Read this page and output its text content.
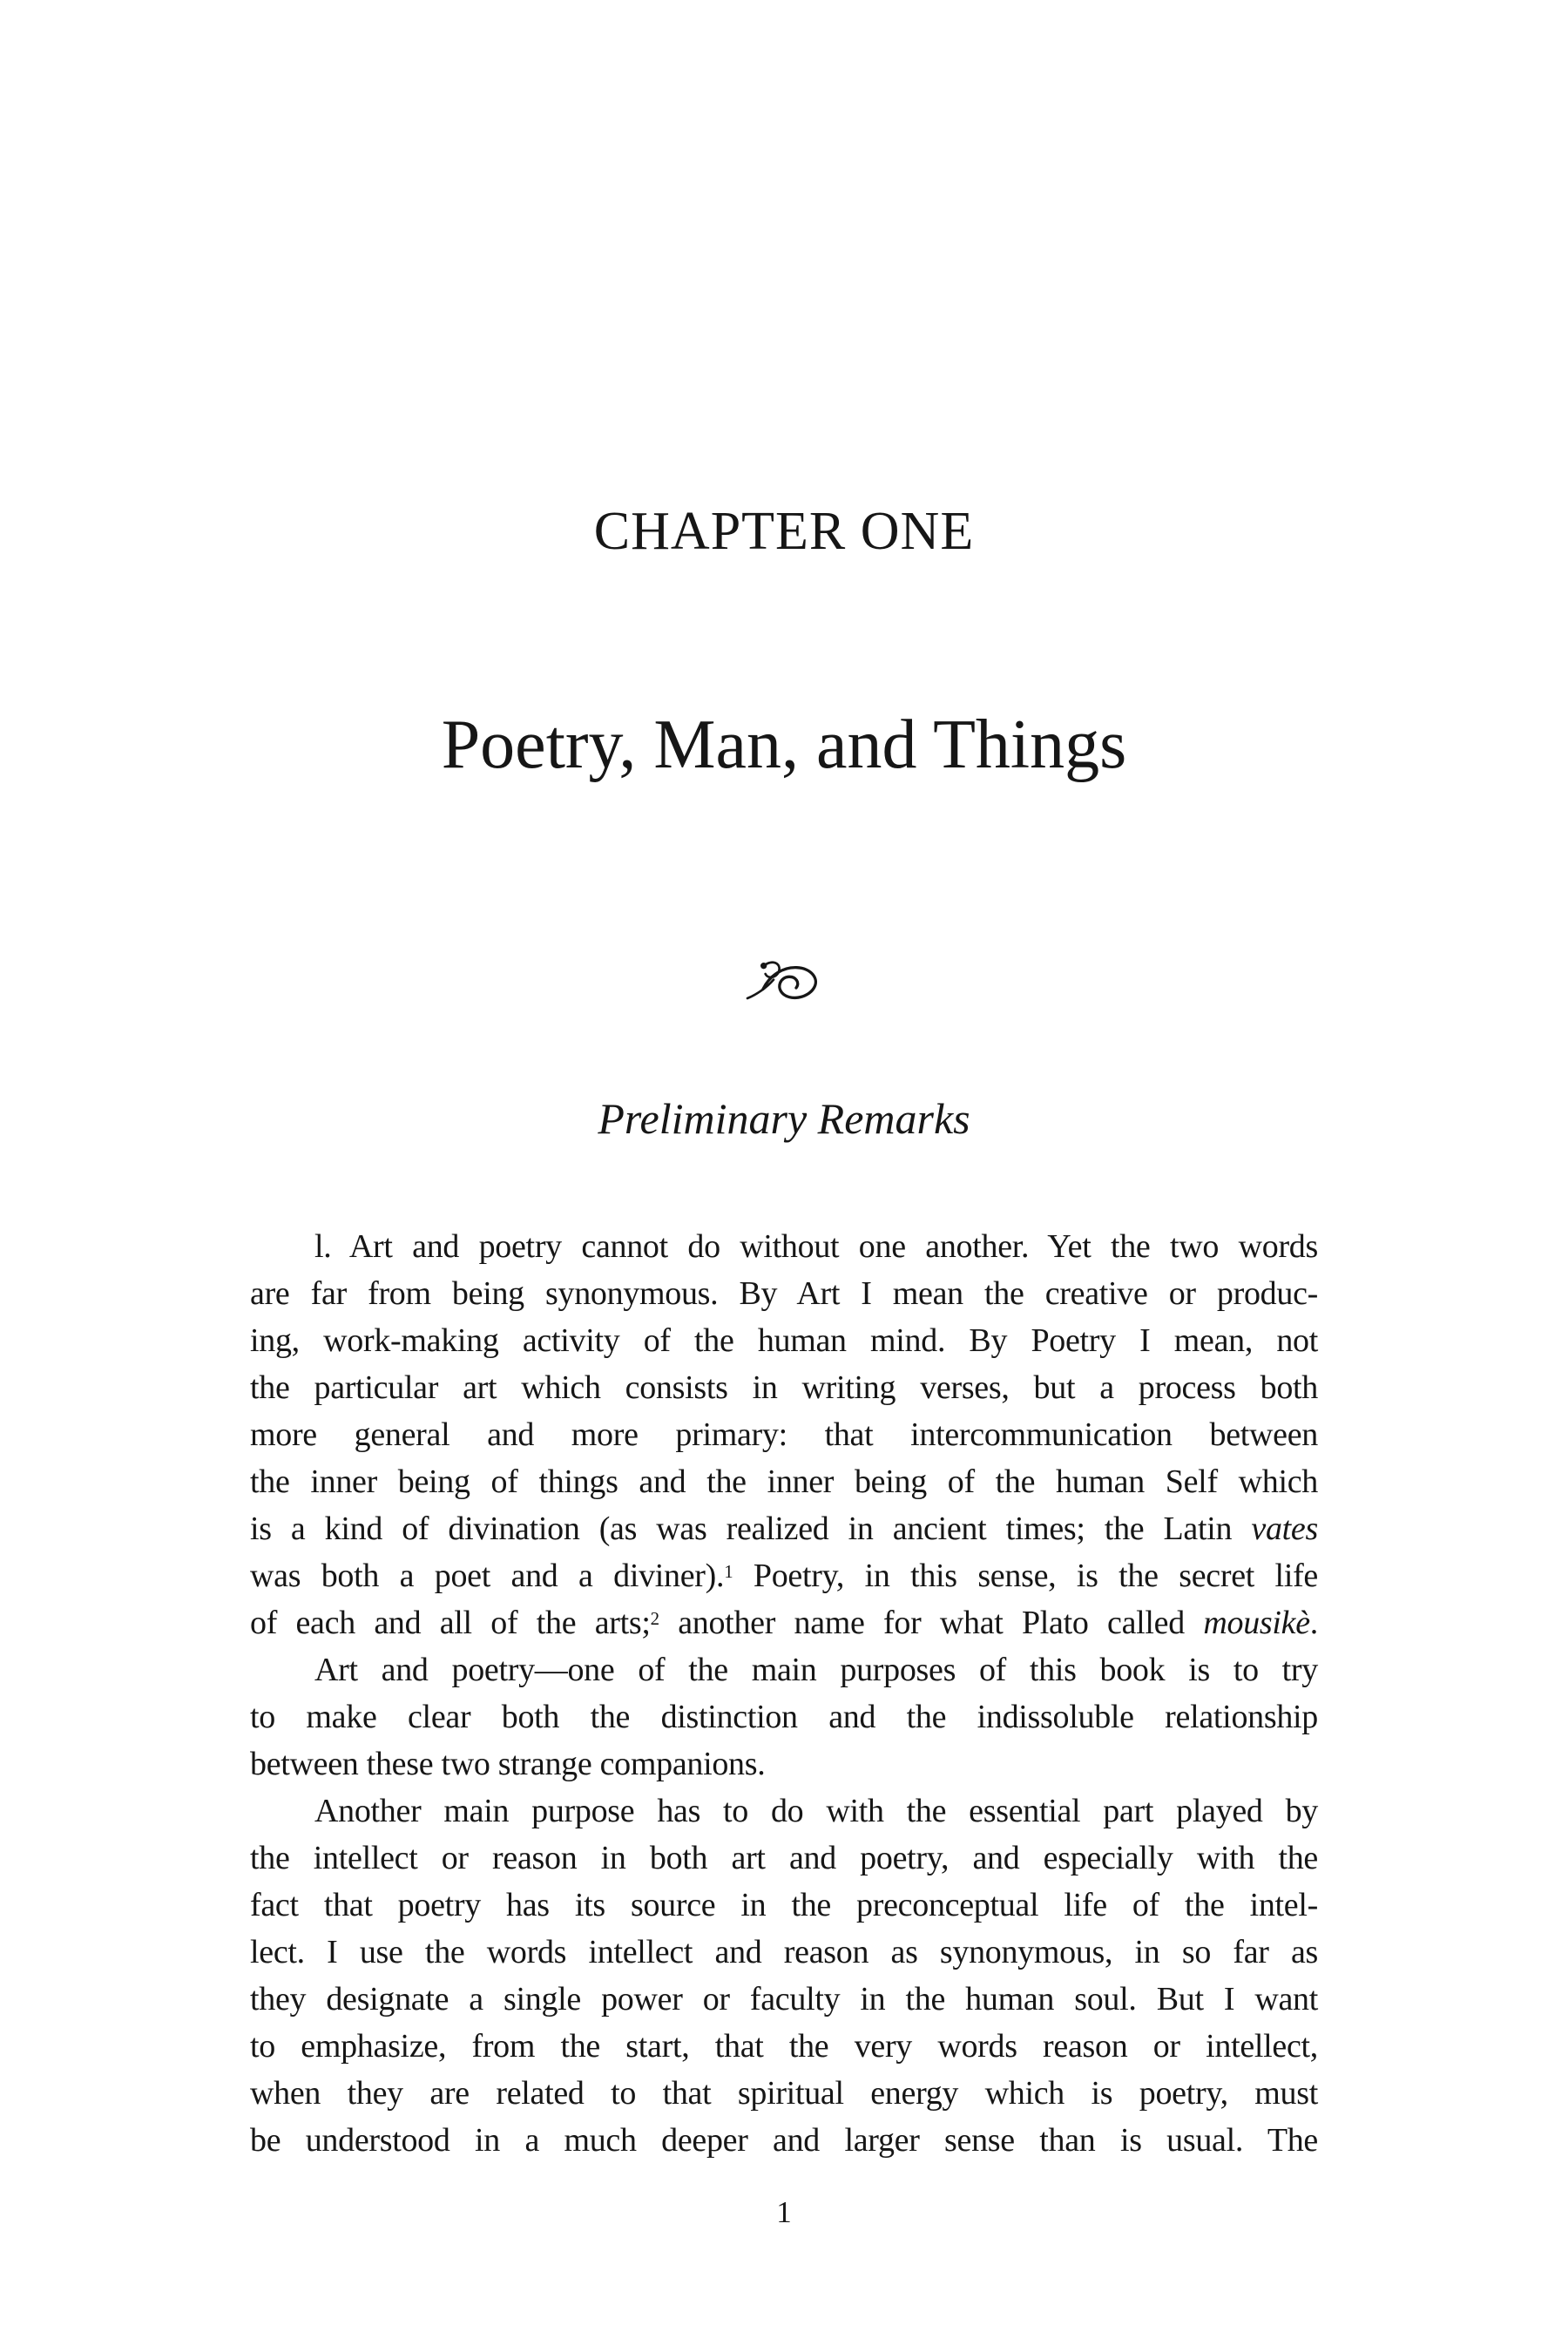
CHAPTER ONE
Poetry, Man, and Things
Preliminary Remarks
l. Art and poetry cannot do without one another. Yet the two words
are far from being synonymous. By Art I mean the creative or produc-
ing, work-making activity of the human mind. By Poetry I mean, not
the particular art which consists in writing verses, but a process both
more general and more primary: that intercommunication between
the inner being of things and the inner being of the human Self which
is a kind of divination (as was realized in ancient times; the Latin vates
was both a poet and a diviner).$^1$ Poetry, in this sense, is the secret life
of each and all of the arts;$^2$ another name for what Plato called mousikè.
Art and poetry—one of the main purposes of this book is to try
to make clear both the distinction and the indissoluble relationship
between these two strange companions.
Another main purpose has to do with the essential part played by
the intellect or reason in both art and poetry, and especially with the
fact that poetry has its source in the preconceptual life of the intel-
lect. I use the words intellect and reason as synonymous, in so far as
they designate a single power or faculty in the human soul. But I want
to emphasize, from the start, that the very words reason or intellect,
when they are related to that spiritual energy which is poetry, must
be understood in a much deeper and larger sense than is usual. The
1
